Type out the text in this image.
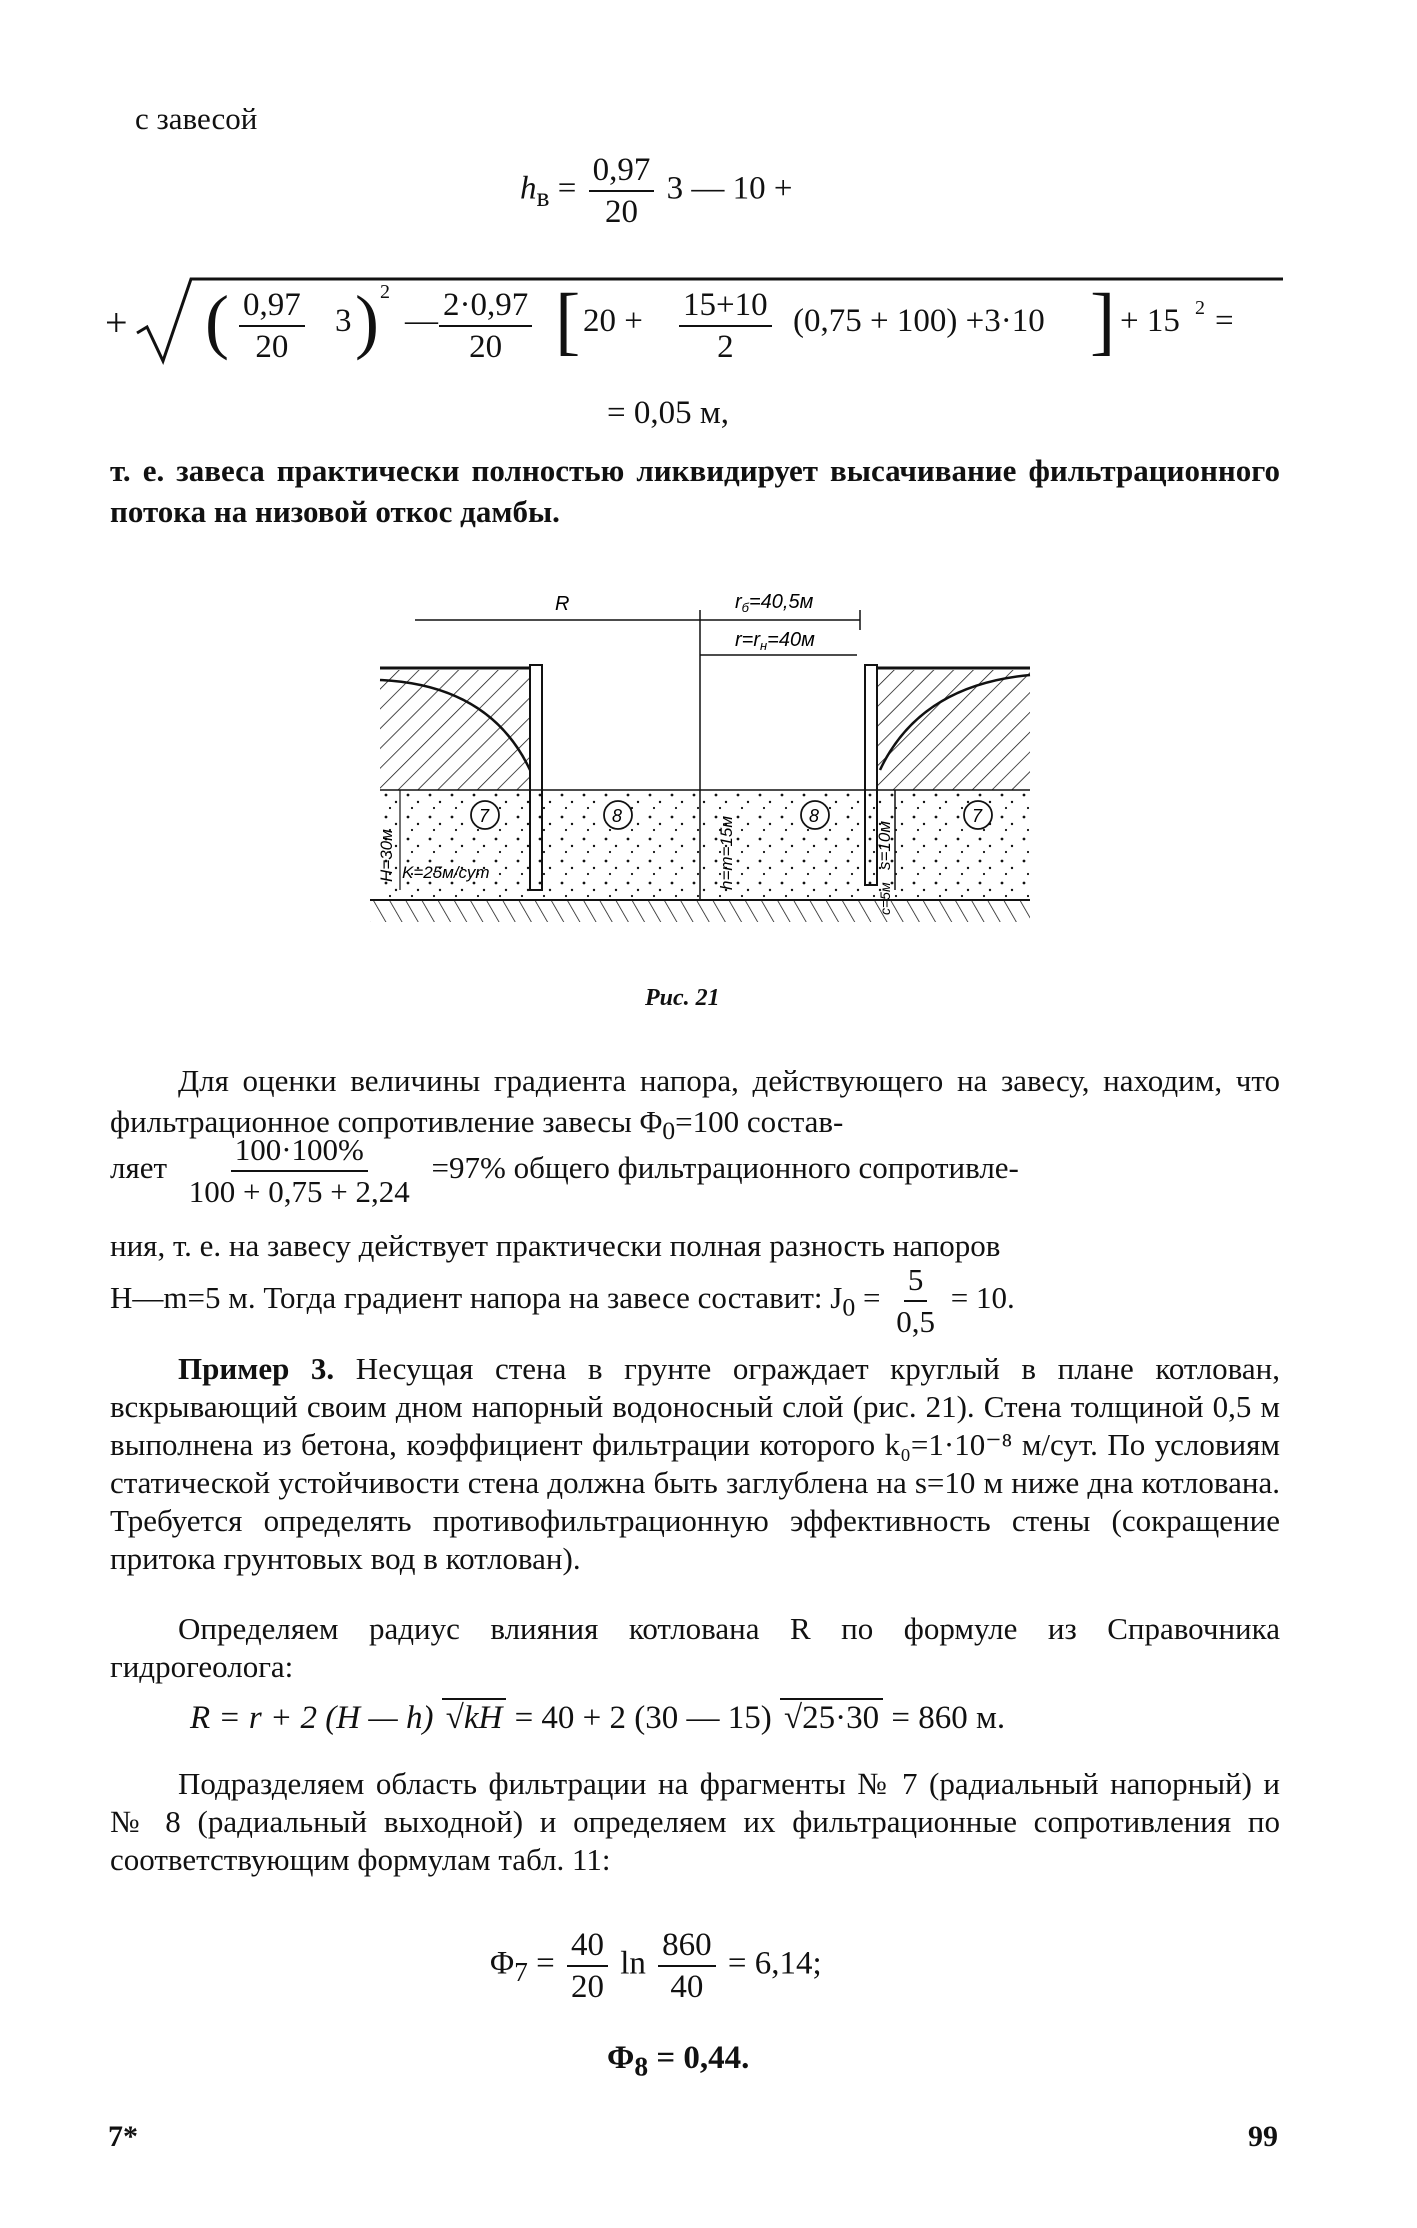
с завесой
$h_в = \frac{0,97}{20} 3$ — 10 +
+ ( $\frac{0,97}{20} 3$ ) 2
— $\frac{2\cdot 0,97}{20}$ [ $20 + \frac{15+10}{2} (0,75 + 100) +3\cdot 10$ ] + 15 2 =
= 0,05 м,
т. е. завеса практически полностью ликвидирует высачивание фильтрационного потока на низовой откос дамбы.
R	$r_б=40,5м$
$r=r_н=40м$
7	8	8	7
H=30м K=25м/сут	h=m=15м	s=10м
c=5м
Рис. 21
Для оценки величины градиента напора, действующего на завесу, находим, что фильтрационное сопротивление завесы $\Phi_0=100$ состав-
ляет $\frac{100\cdot 100\%}{100 + 0,75 + 2,24} =97\%$ общего фильтрационного сопротивле-
ния, т. е. на завесу действует практически полная разность напоров
H—m=5 м. Тогда градиент напора на завесе составит: $J_0 = \frac{5}{0,5} = 10$.
Пример 3. Несущая стена в грунте ограждает круглый в плане котлован, вскрывающий своим дном напорный водоносный слой (рис. 21). Стена толщиной 0,5 м выполнена из бетона, коэффициент фильтрации которого k₀=1·10⁻⁸ м/сут. По условиям статической устойчивости стена должна быть заглублена на s=10 м ниже дна котлована. Требуется определять противофильтрационную эффективность стены (сокращение притока грунтовых вод в котлован).
Определяем радиус влияния котлована R по формуле из Справочника гидрогеолога:
R = r + 2 (H — h) √kH = 40 + 2 (30 — 15) √25·30 = 860 м.
Подразделяем область фильтрации на фрагменты № 7 (радиальный напорный) и № 8 (радиальный выходной) и определяем их фильтрационные сопротивления по соответствующим формулам табл. 11:
$\Phi_7 = \frac{40}{20}$ $\ln \frac{860}{40} = 6,14$;
$\Phi_8 = 0,44$.
7*	99
